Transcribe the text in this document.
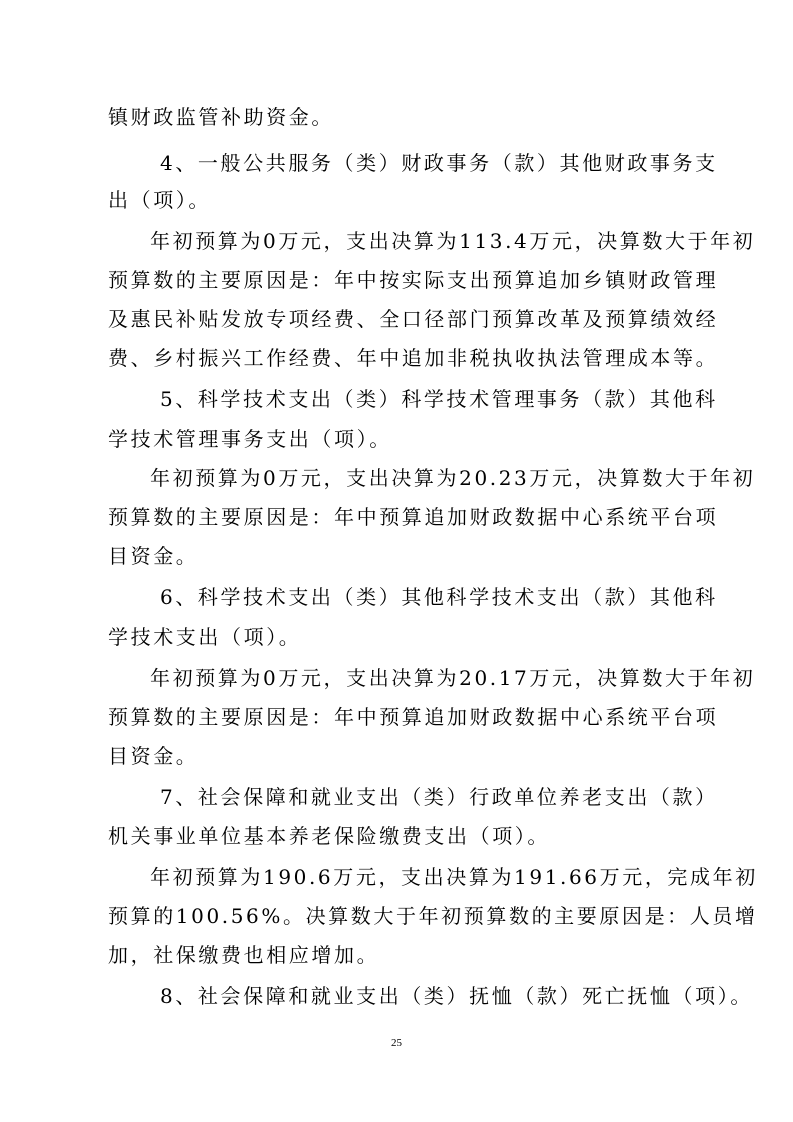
镇财政监管补助资金。
4、一般公共服务（类）财政事务（款）其他财政事务支
出（项）。
年初预算为0万元，支出决算为113.4万元，决算数大于年初
预算数的主要原因是：年中按实际支出预算追加乡镇财政管理
及惠民补贴发放专项经费、全口径部门预算改革及预算绩效经
费、乡村振兴工作经费、年中追加非税执收执法管理成本等。
5、科学技术支出（类）科学技术管理事务（款）其他科
学技术管理事务支出（项）。
年初预算为0万元，支出决算为20.23万元，决算数大于年初
预算数的主要原因是：年中预算追加财政数据中心系统平台项
目资金。
6、科学技术支出（类）其他科学技术支出（款）其他科
学技术支出（项）。
年初预算为0万元，支出决算为20.17万元，决算数大于年初
预算数的主要原因是：年中预算追加财政数据中心系统平台项
目资金。
7、社会保障和就业支出（类）行政单位养老支出（款）
机关事业单位基本养老保险缴费支出（项）。
年初预算为190.6万元，支出决算为191.66万元，完成年初
预算的100.56%。决算数大于年初预算数的主要原因是：人员增
加，社保缴费也相应增加。
8、社会保障和就业支出（类）抚恤（款）死亡抚恤（项）。
25
